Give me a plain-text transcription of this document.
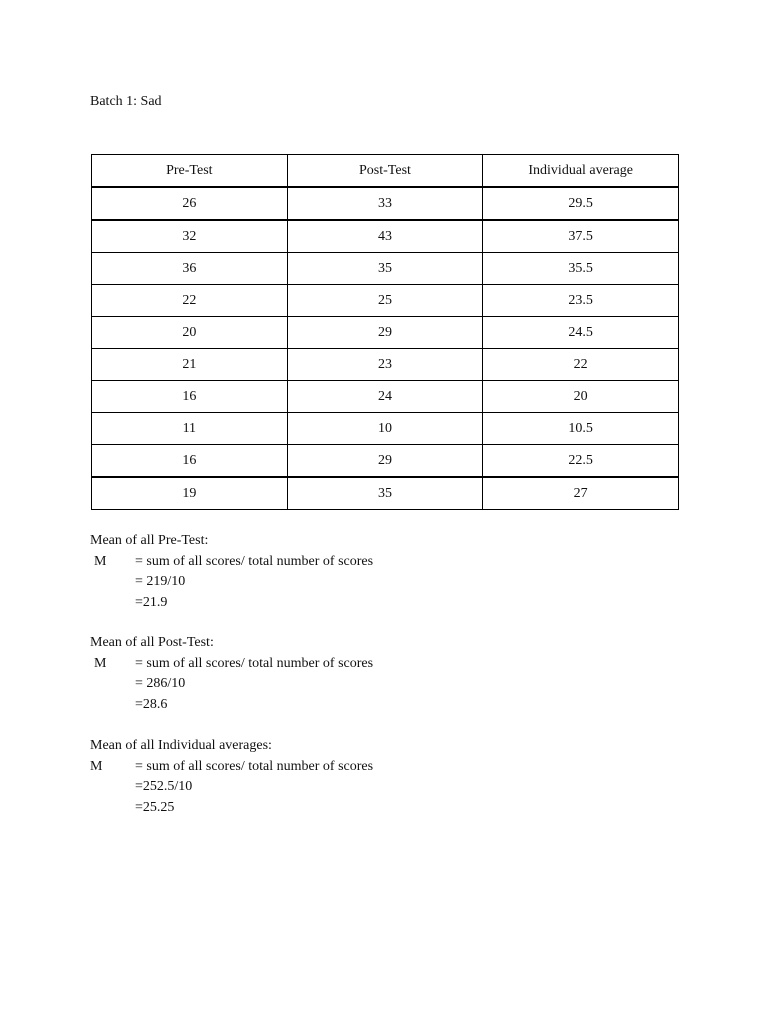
Batch 1: Sad
Pre-Test	Post-Test	Individual average
26	33	29.5
32	43	37.5
36	35	35.5
22	25	23.5
20	29	24.5
21	23	22
16	24	20
11	10	10.5
16	29	22.5
19	35	27
Mean of all Pre-Test:
M	= sum of all scores/ total number of scores
= 219/10
=21.9
Mean of all Post-Test:
M	= sum of all scores/ total number of scores
= 286/10
=28.6
Mean of all Individual averages:
M	= sum of all scores/ total number of scores
=252.5/10
=25.25
